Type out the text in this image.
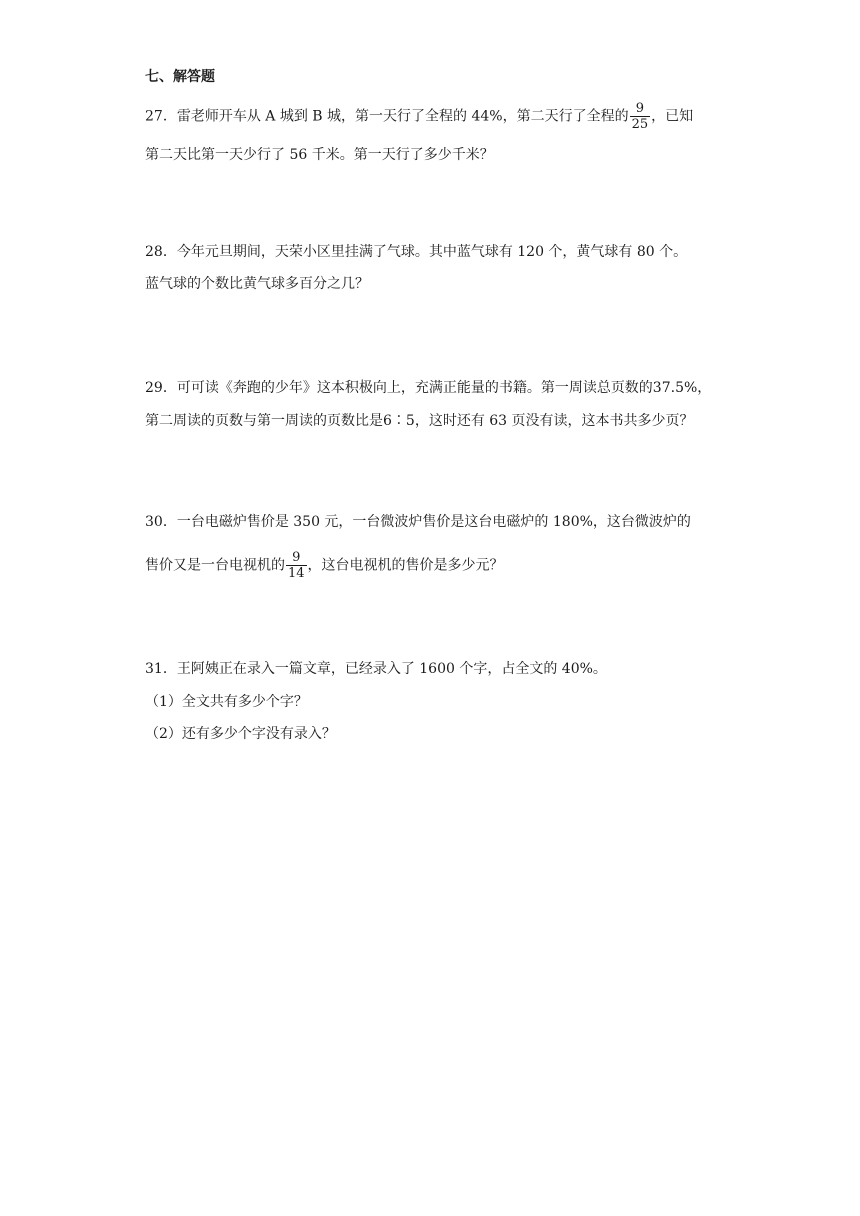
七、解答题
27．雷老师开车从 A 城到 B 城，第一天行了全程的 44%，第二天行了全程的 $\frac{9}{25}$ ，已知
第二天比第一天少行了 56 千米。第一天行了多少千米？
28．今年元旦期间，天荣小区里挂满了气球。其中蓝气球有 120 个，黄气球有 80 个。
蓝气球的个数比黄气球多百分之几？
29．可可读《奔跑的少年》这本积极向上，充满正能量的书籍。第一周读总页数的37.5%，
第二周读的页数与第一周读的页数比是6∶5，这时还有 63 页没有读，这本书共多少页？
30．一台电磁炉售价是 350 元，一台微波炉售价是这台电磁炉的 180%，这台微波炉的
售价又是一台电视机的 $\frac{9}{14}$ ，这台电视机的售价是多少元？
31．王阿姨正在录入一篇文章，已经录入了 1600 个字，占全文的 40%。
（1）全文共有多少个字？
（2）还有多少个字没有录入？
